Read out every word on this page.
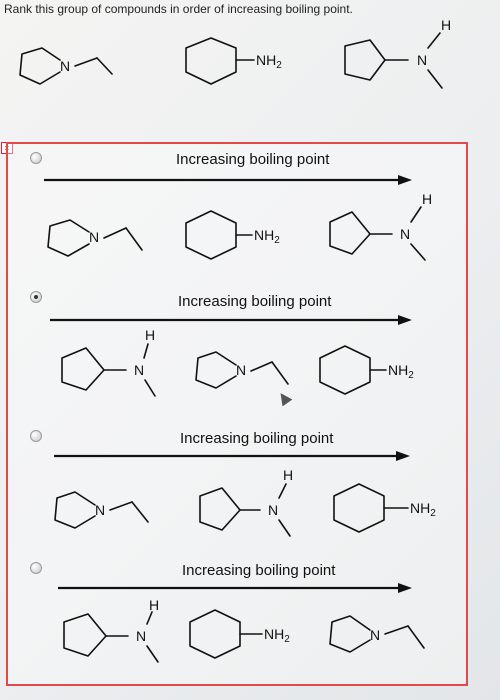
Rank this group of compounds in order of increasing boiling point.
N	$NH_2$	N
H
×
Increasing boiling point
Increasing boiling point
Increasing boiling point
Increasing boiling point
N	$NH_2$	N
H
N
H
N	$NH_2$
N	N
H
$NH_2$
N
H
$NH_2$	N
